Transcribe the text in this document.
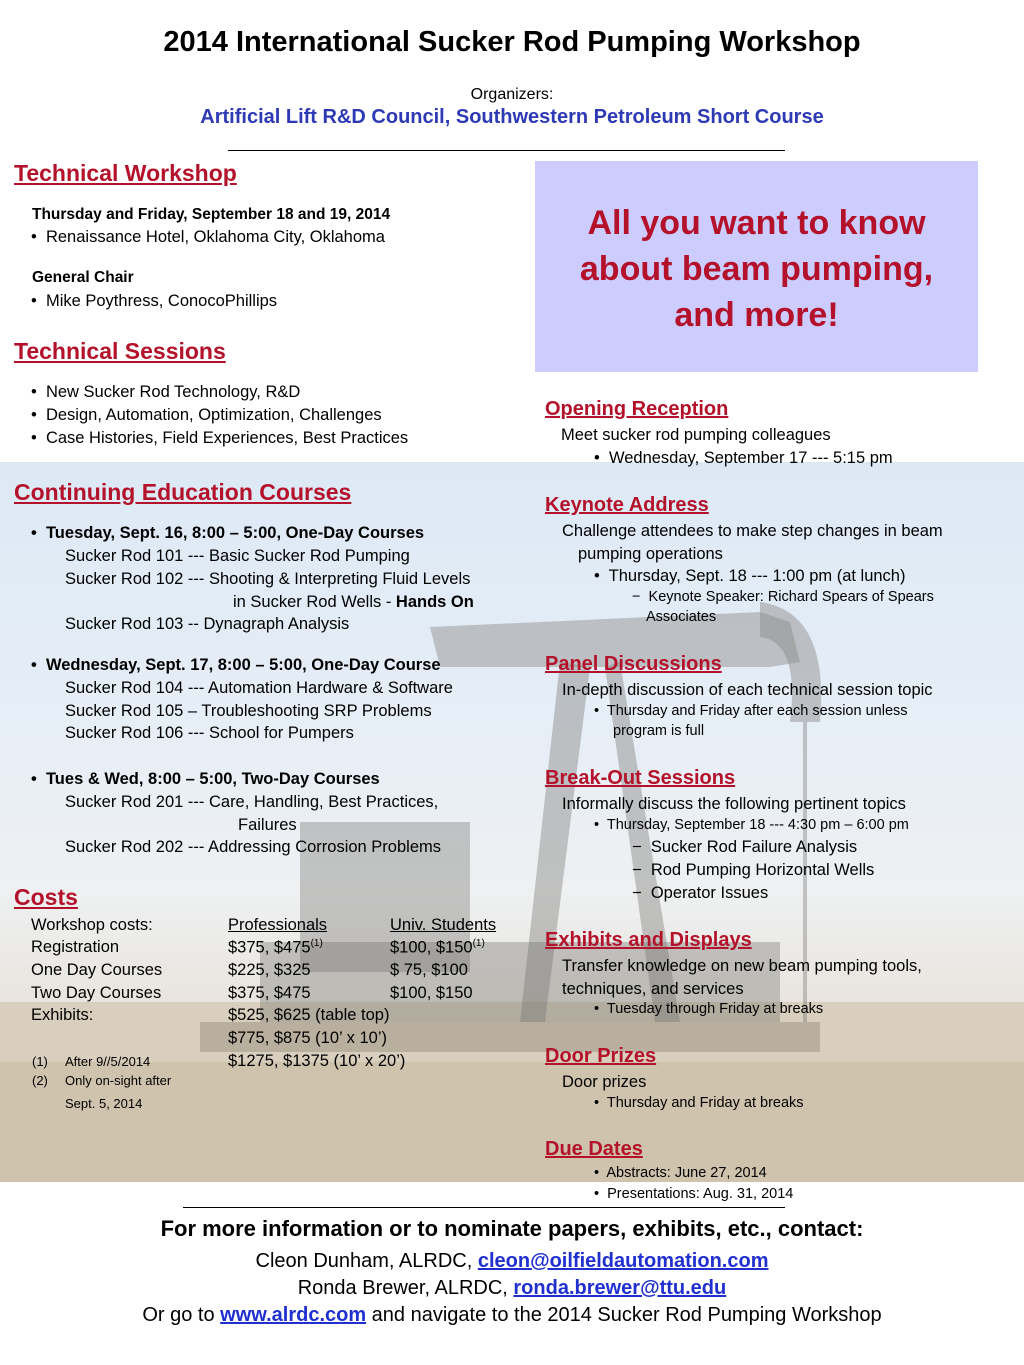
2014 International Sucker Rod Pumping Workshop
Organizers:
Artificial Lift R&D Council, Southwestern Petroleum Short Course
All you want to know
about beam pumping,
and more!
Technical Workshop
Thursday and Friday, September 18 and 19, 2014
• Renaissance Hotel, Oklahoma City, Oklahoma
General Chair
• Mike Poythress, ConocoPhillips
Technical Sessions
• New Sucker Rod Technology, R&D
• Design, Automation, Optimization, Challenges
• Case Histories, Field Experiences, Best Practices
Continuing Education Courses
• Tuesday, Sept. 16, 8:00 – 5:00, One-Day Courses
Sucker Rod 101 --- Basic Sucker Rod Pumping
Sucker Rod 102 --- Shooting & Interpreting Fluid Levels
in Sucker Rod Wells - Hands On
Sucker Rod 103 -- Dynagraph Analysis
• Wednesday, Sept. 17, 8:00 – 5:00, One-Day Course
Sucker Rod 104 --- Automation Hardware & Software
Sucker Rod 105 – Troubleshooting SRP Problems
Sucker Rod 106 --- School for Pumpers
• Tues & Wed, 8:00 – 5:00, Two-Day Courses
Sucker Rod 201 --- Care, Handling, Best Practices,
Failures
Sucker Rod 202 --- Addressing Corrosion Problems
Costs
Workshop costs:	Professionals	Univ. Students
Registration	$375, $475$^{(1)}$	$100, $150$^{(1)}$
One Day Courses	$225, $325	$ 75, $100
Two Day Courses	$375, $475	$100, $150
Exhibits:	$525, $625 (table top)
$775, $875 (10’ x 10’)
$1275, $1375 (10’ x 20’)
(1) After 9//5/2014
(2) Only on-sight after
Sept. 5, 2014
Opening Reception
Meet sucker rod pumping colleagues
• Wednesday, September 17 --- 5:15 pm
Keynote Address
Challenge attendees to make step changes in beam
pumping operations
• Thursday, Sept. 18 --- 1:00 pm (at lunch)
− Keynote Speaker: Richard Spears of Spears
Associates
Panel Discussions
In-depth discussion of each technical session topic
• Thursday and Friday after each session unless
program is full
Break-Out Sessions
Informally discuss the following pertinent topics
• Thursday, September 18 --- 4:30 pm – 6:00 pm
− Sucker Rod Failure Analysis
− Rod Pumping Horizontal Wells
− Operator Issues
Exhibits and Displays
Transfer knowledge on new beam pumping tools,
techniques, and services
• Tuesday through Friday at breaks
Door Prizes
Door prizes
• Thursday and Friday at breaks
Due Dates
• Abstracts: June 27, 2014
• Presentations: Aug. 31, 2014
For more information or to nominate papers, exhibits, etc., contact:
Cleon Dunham, ALRDC, cleon@oilfieldautomation.com
Ronda Brewer, ALRDC, ronda.brewer@ttu.edu
Or go to www.alrdc.com and navigate to the 2014 Sucker Rod Pumping Workshop
